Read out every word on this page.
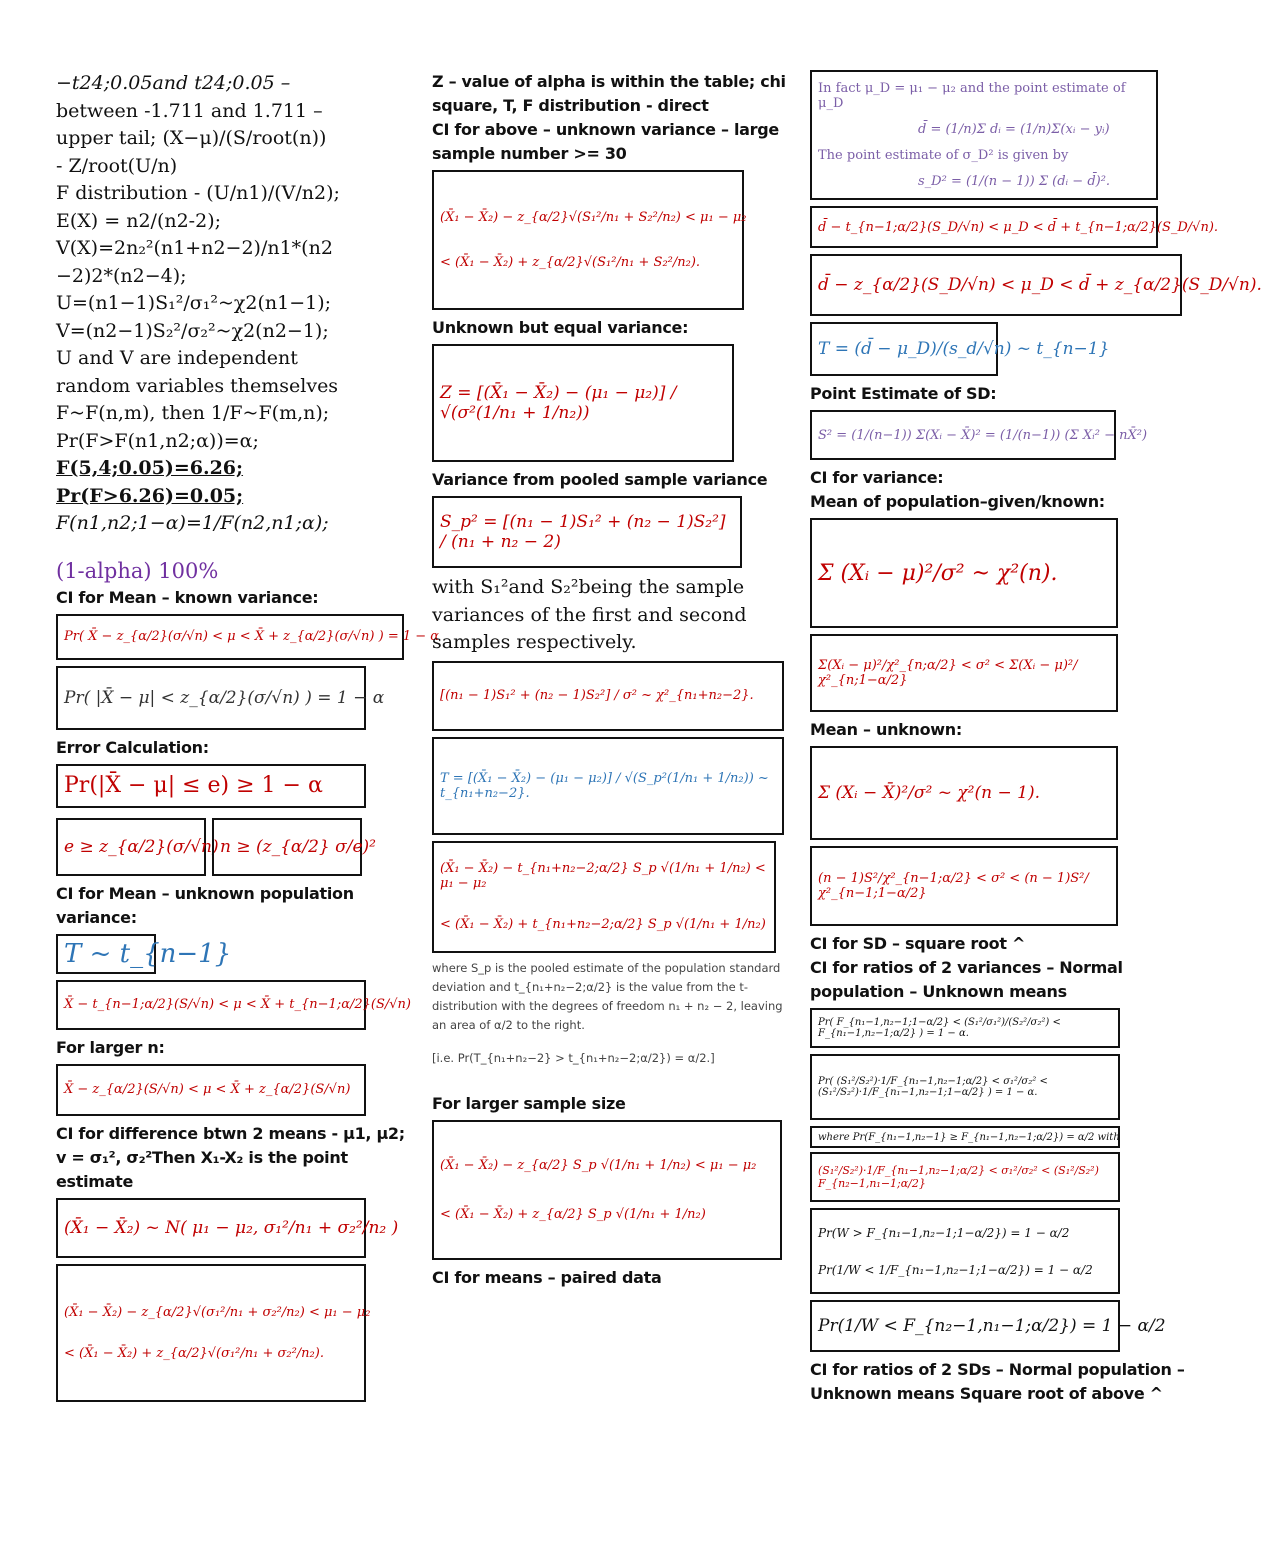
−t24;0.05and t24;0.05 –
between -1.711 and 1.711 –
upper tail; (X−μ)/(S/root(n))
- Z/root(U/n)
F distribution - (U/n1)/(V/n2);
E(X) = n2/(n2-2);
V(X)=2n₂²(n1+n2−2)/n1*(n2
−2)2*(n2−4);
U=(n1−1)S₁²/σ₁²~χ2(n1−1);
V=(n2−1)S₂²/σ₂²~χ2(n2−1);
U and V are independent
random variables themselves
F~F(n,m), then 1/F~F(m,n);
Pr(F>F(n1,n2;α))=α;
F(5,4;0.05)=6.26;
Pr(F>6.26)=0.05;
F(n1,n2;1−α)=1/F(n2,n1;α);
(1-alpha) 100%
CI for Mean – known variance:
Pr( X̄ − z_{α/2}(σ/√n) < μ < X̄ + z_{α/2}(σ/√n) ) = 1 − α
Pr( |X̄ − μ| < z_{α/2}(σ/√n) ) = 1 − α
Error Calculation:
Pr(|X̄ − μ| ≤ e) ≥ 1 − α
e ≥ z_{α/2}(σ/√n) n ≥ (z_{α/2} σ/e)²
CI for Mean – unknown population variance:
T ~ t_{n−1}
X̄ − t_{n−1;α/2}(S/√n) < μ < X̄ + t_{n−1;α/2}(S/√n)
For larger n:
X̄ − z_{α/2}(S/√n) < μ < X̄ + z_{α/2}(S/√n)
CI for difference btwn 2 means - μ1, μ2; v = σ₁², σ₂²Then X₁-X₂ is the point estimate
(X̄₁ − X̄₂) ~ N( μ₁ − μ₂, σ₁²/n₁ + σ₂²/n₂ )
(X̄₁ − X̄₂) − z_{α/2}√(σ₁²/n₁ + σ₂²/n₂) < μ₁ − μ₂
< (X̄₁ − X̄₂) + z_{α/2}√(σ₁²/n₁ + σ₂²/n₂).
Z – value of alpha is within the table; chi square, T, F distribution - direct
CI for above – unknown variance – large sample number >= 30
(X̄₁ − X̄₂) − z_{α/2}√(S₁²/n₁ + S₂²/n₂) < μ₁ − μ₂
< (X̄₁ − X̄₂) + z_{α/2}√(S₁²/n₁ + S₂²/n₂).
Unknown but equal variance:
Z = [(X̄₁ − X̄₂) − (μ₁ − μ₂)] / √(σ²(1/n₁ + 1/n₂))
Variance from pooled sample variance
S_p² = [(n₁ − 1)S₁² + (n₂ − 1)S₂²] / (n₁ + n₂ − 2)
with S₁²and S₂²being the sample variances of the first and second samples respectively.
[(n₁ − 1)S₁² + (n₂ − 1)S₂²] / σ² ~ χ²_{n₁+n₂−2}.
T = [(X̄₁ − X̄₂) − (μ₁ − μ₂)] / √(S_p²(1/n₁ + 1/n₂)) ~ t_{n₁+n₂−2}.
(X̄₁ − X̄₂) − t_{n₁+n₂−2;α/2} S_p √(1/n₁ + 1/n₂) < μ₁ − μ₂
< (X̄₁ − X̄₂) + t_{n₁+n₂−2;α/2} S_p √(1/n₁ + 1/n₂)
where S_p is the pooled estimate of the population standard deviation and t_{n₁+n₂−2;α/2} is the value from the t-distribution with the degrees of freedom n₁ + n₂ − 2, leaving an area of α/2 to the right.
[i.e. Pr(T_{n₁+n₂−2} > t_{n₁+n₂−2;α/2}) = α/2.]
For larger sample size
(X̄₁ − X̄₂) − z_{α/2} S_p √(1/n₁ + 1/n₂) < μ₁ − μ₂
< (X̄₁ − X̄₂) + z_{α/2} S_p √(1/n₁ + 1/n₂)
CI for means – paired data
In fact μ_D = μ₁ − μ₂ and the point estimate of μ_D
d̄ = (1/n)Σ dᵢ = (1/n)Σ(xᵢ − yᵢ)
The point estimate of σ_D² is given by
s_D² = (1/(n − 1)) Σ (dᵢ − d̄)².
d̄ − t_{n−1;α/2}(S_D/√n) < μ_D < d̄ + t_{n−1;α/2}(S_D/√n).
d̄ − z_{α/2}(S_D/√n) < μ_D < d̄ + z_{α/2}(S_D/√n).
T = (d̄ − μ_D)/(s_d/√n) ~ t_{n−1}
Point Estimate of SD:
S² = (1/(n−1)) Σ(Xᵢ − X̄)² = (1/(n−1)) (Σ Xᵢ² − nX̄²)
CI for variance:
Mean of population–given/known:
Σ (Xᵢ − μ)²/σ² ~ χ²(n).
Σ(Xᵢ − μ)²/χ²_{n;α/2} < σ² < Σ(Xᵢ − μ)²/χ²_{n;1−α/2}
Mean – unknown:
Σ (Xᵢ − X̄)²/σ² ~ χ²(n − 1).
(n − 1)S²/χ²_{n−1;α/2} < σ² < (n − 1)S²/χ²_{n−1;1−α/2}
CI for SD – square root ^
CI for ratios of 2 variances – Normal population – Unknown means
Pr( F_{n₁−1,n₂−1;1−α/2} < (S₁²/σ₁²)/(S₂²/σ₂²) < F_{n₁−1,n₂−1;α/2} ) = 1 − α.
Pr( (S₁²/S₂²)·1/F_{n₁−1,n₂−1;α/2} < σ₁²/σ₂² < (S₁²/S₂²)·1/F_{n₁−1,n₂−1;1−α/2} ) = 1 − α.
where Pr(F_{n₁−1,n₂−1} ≥ F_{n₁−1,n₂−1;α/2}) = α/2 with
(S₁²/S₂²)·1/F_{n₁−1,n₂−1;α/2} < σ₁²/σ₂² < (S₁²/S₂²) F_{n₂−1,n₁−1;α/2}
Pr(W > F_{n₁−1,n₂−1;1−α/2}) = 1 − α/2
Pr(1/W < 1/F_{n₁−1,n₂−1;1−α/2}) = 1 − α/2
Pr(1/W < F_{n₂−1,n₁−1;α/2}) = 1 − α/2
CI for ratios of 2 SDs – Normal population – Unknown means Square root of above ^
